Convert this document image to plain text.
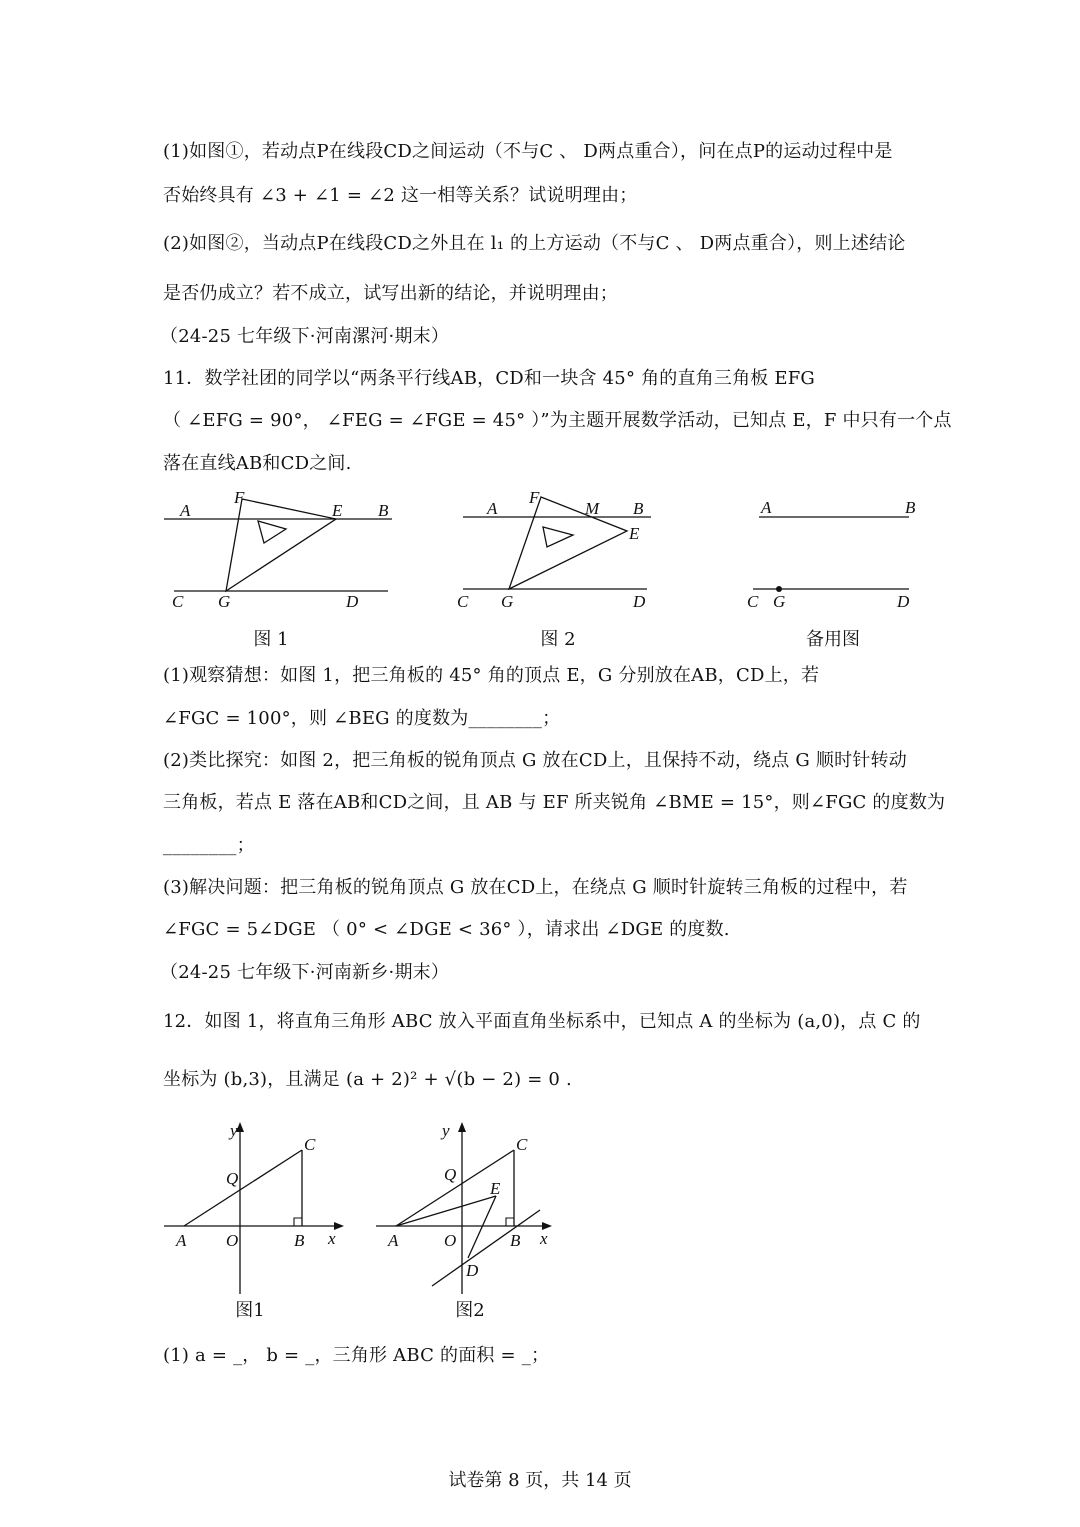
(1)如图①，若动点P在线段CD之间运动（不与C 、 D两点重合），问在点P的运动过程中是
否始终具有 ∠3 + ∠1 = ∠2 这一相等关系？试说明理由；
(2)如图②，当动点P在线段CD之外且在 l₁ 的上方运动（不与C 、 D两点重合），则上述结论
是否仍成立？若不成立，试写出新的结论，并说明理由；
（24-25 七年级下·河南漯河·期末）
11．数学社团的同学以“两条平行线AB，CD和一块含 45° 角的直角三角板 EFG
（ ∠EFG = 90°， ∠FEG = ∠FGE = 45° ）”为主题开展数学活动，已知点 E，F 中只有一个点
落在直线AB和CD之间.
A
F
E B
C G	D
图 1
A
F
M B
E
C G	D
图 2
A	B
C G	D
备用图
(1)观察猜想：如图 1，把三角板的 45° 角的顶点 E，G 分别放在AB，CD上，若
∠FGC = 100°，则 ∠BEG 的度数为________；
(2)类比探究：如图 2，把三角板的锐角顶点 G 放在CD上，且保持不动，绕点 G 顺时针转动
三角板，若点 E 落在AB和CD之间，且 AB 与 EF 所夹锐角 ∠BME = 15°，则∠FGC 的度数为
________；
(3)解决问题：把三角板的锐角顶点 G 放在CD上，在绕点 G 顺时针旋转三角板的过程中，若
∠FGC = 5∠DGE （ 0° < ∠DGE < 36° ），请求出 ∠DGE 的度数.
（24-25 七年级下·河南新乡·期末）
12．如图 1，将直角三角形 ABC 放入平面直角坐标系中，已知点 A 的坐标为 (a,0)，点 C 的
坐标为 (b,3)，且满足 (a + 2)² + √(b − 2) = 0 .
y
C
Q
A O	B x
图1
y
C
Q
E
A	O	B x
D
图2
(1) a = _， b = _，三角形 ABC 的面积 = _；
试卷第 8 页，共 14 页
